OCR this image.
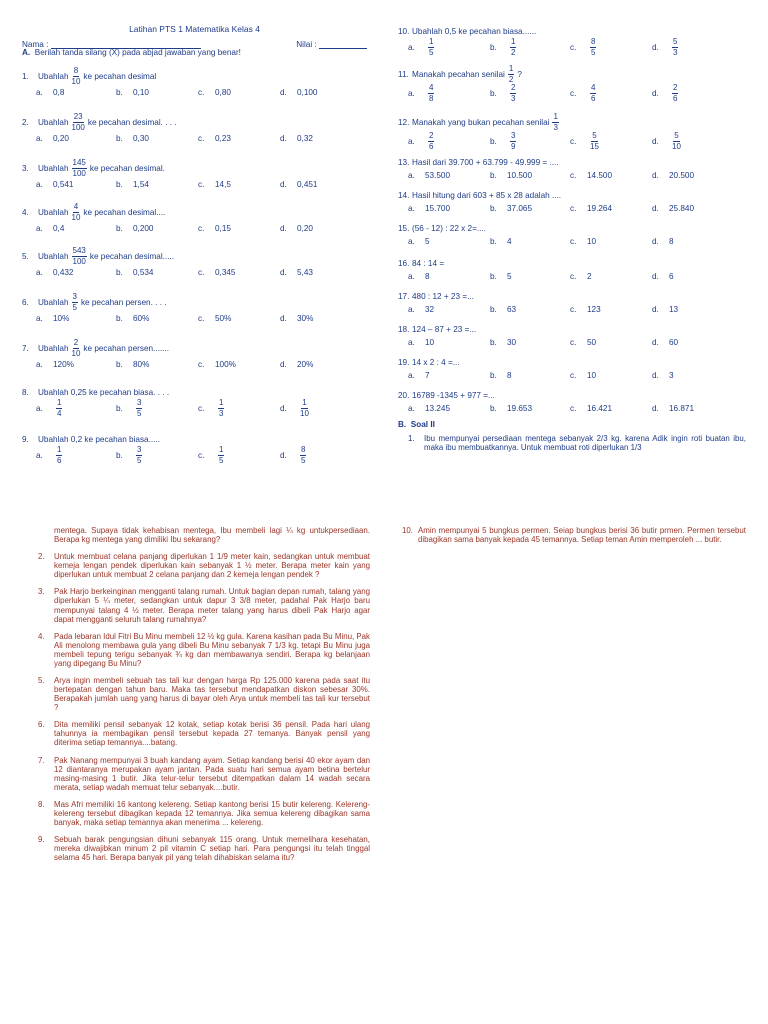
Latihan PTS 1 Matematika Kelas 4
Nama :	Nilai :
A. Berilah tanda silang (X) pada abjad jawaban yang benar!
1.	Ubahlah $\frac{8}{10}$ ke pecahan desimal
a. 0,8	b. 0,10	c. 0,80	d. 0,100
2.	Ubahlah $\frac{23}{100}$ ke pecahan desimal. . . .
a. 0,20	b. 0,30	c. 0,23	d. 0,32
3.	Ubahlah $\frac{145}{100}$ ke pecahan desimal.
a. 0,541	b. 1,54	c. 14,5	d. 0,451
4.	Ubahlah $\frac{4}{10}$ ke pecahan desimal....
a. 0,4	b. 0,200	c. 0,15	d. 0,20
5.	Ubahlah $\frac{543}{100}$ ke pecahan desimal.....
a. 0,432	b. 0,534	c. 0,345	d. 5,43
6.	Ubahlah $\frac{3}{5}$ ke pecahan persen. . . .
a. 10%	b. 60%	c. 50%	d. 30%
7.	Ubahlah $\frac{2}{10}$ ke pecahan persen.......
a. 120%	b. 80%	c. 100%	d. 20%
8.	Ubahlah 0,25 ke pecahan biasa. . . .
a. $\frac{1}{4}$	b. $\frac{3}{5}$	c. $\frac{1}{3}$	d. $\frac{1}{10}$
9.	Ubahlah 0,2 ke pecahan biasa.....
a. $\frac{1}{6}$	b. $\frac{3}{5}$	c. $\frac{1}{5}$	d. $\frac{8}{5}$
10. Ubahlah 0,5 ke pecahan biasa......
a. $\frac{1}{5}$	b. $\frac{1}{2}$	c. $\frac{8}{5}$	d. $\frac{5}{3}$
11. Manakah pecahan senilai $\frac{1}{2}$ ?
a. $\frac{4}{8}$	b. $\frac{2}{3}$	c. $\frac{4}{6}$	d. $\frac{2}{6}$
12. Manakah yang bukan pecahan senilai $\frac{1}{3}$
a. $\frac{2}{6}$	b. $\frac{3}{9}$	c. $\frac{5}{15}$	d. $\frac{5}{10}$
13. Hasil dari 39.700 + 63.799 - 49.999 = ....
a. 53.500	b. 10.500	c. 14.500	d. 20.500
14. Hasil hitung dari 603 + 85 x 28 adalah ....
a. 15.700	b. 37.065	c. 19.264	d. 25.840
15. (56 - 12) : 22 x 2=....
a. 5	b. 4	c. 10	d. 8
16. 84 : 14 =
a. 8	b. 5	c. 2	d. 6
17. 480 : 12 + 23 =...
a. 32	b. 63	c. 123	d. 13
18. 124 – 87 + 23 =...
a. 10	b. 30	c. 50	d. 60
19. 14 x 2 : 4 =...
a. 7	b. 8	c. 10	d. 3
20. 16789 -1345 + 977 =...
a. 13.245	b. 19.653	c. 16.421	d. 16.871
B. Soal II
1.	Ibu mempunyai persediaan mentega sebanyak 2/3 kg. karena Adik ingin roti buatan ibu, maka ibu membuatkannya. Untuk membuat roti diperlukan 1/3
mentega. Supaya tidak kehabisan mentega, Ibu membeli lagi ¼ kg untukpersediaan. Berapa kg mentega yang dimiliki Ibu sekarang?
2.	Untuk membuat celana panjang diperlukan 1 1/9 meter kain, sedangkan untuk membuat kemeja lengan pendek diperlukan kain sebanyak 1 ½ meter. Berapa meter kain yang diperlukan untuk membuat 2 celana panjang dan 2 kemeja lengan pendek ?
3.	Pak Harjo berkeinginan mengganti talang rumah. Untuk bagian depan rumah, talang yang diperlukan 5 ¼ meter, sedangkan untuk dapur 3 3/8 meter, padahal Pak Harjo baru mempunyai talang 4 ½ meter. Berapa meter talang yang harus dibeli Pak Harjo agar dapat mengganti seluruh talang rumahnya?
4.	Pada lebaran Idul Fitri Bu Minu membeli 12 ½ kg gula. Karena kasihan pada Bu Minu, Pak Ali menolong membawa gula yang dibeli Bu Minu sebanyak 7 1/3 kg. tetapi Bu Minu juga membeli tepung terigu sebanyak ¾ kg dan membawanya sendiri. Berapa kg belanjaan yang dipegang Bu Minu?
5.	Arya ingin membeli sebuah tas tali kur dengan harga Rp 125.000 karena pada saat itu bertepatan dengan tahun baru. Maka tas tersebut mendapatkan diskon sebesar 30%. Berapakah jumlah uang yang harus di bayar oleh Arya untuk membeli tas tali kur tersebut ?
6.	Dita memiliki pensil sebanyak 12 kotak, setiap kotak berisi 36 pensil. Pada hari ulang tahunnya ia membagikan pensil tersebut kepada 27 temanya. Banyak pensil yang diterima setiap temannya....batang.
7.	Pak Nanang mempunyai 3 buah kandang ayam. Setiap kandang berisi 40 ekor ayam dan 12 diantaranya merupakan ayam jantan. Pada suatu hari semua ayam betina bertelur masing-masing 1 butir. Jika telur-telur tersebut ditempatkan dalam 14 wadah secara merata, setiap wadah memuat telur sebanyak....butir.
8.	Mas Afri memiliki 16 kantong kelereng. Setiap kantong berisi 15 butir kelereng. Kelereng-kelereng tersebut dibagikan kepada 12 temannya. Jika semua kelereng dibagikan sama banyak, maka setiap temannya akan menerima ... kelereng.
9.	Sebuah barak pengungsian dihuni sebanyak 115 orang. Untuk memelihara kesehatan, mereka diwajibkan minum 2 pil vitamin C setiap hari. Para pengungsi itu telah tinggal selama 45 hari. Berapa banyak pil yang telah dihabiskan selama itu?
10. Amin mempunyai 5 bungkus permen. Seiap bungkus berisi 36 butir prmen. Permen tersebut dibagikan sama banyak kepada 45 temannya. Setiap teman Amin memperoleh ... butir.
